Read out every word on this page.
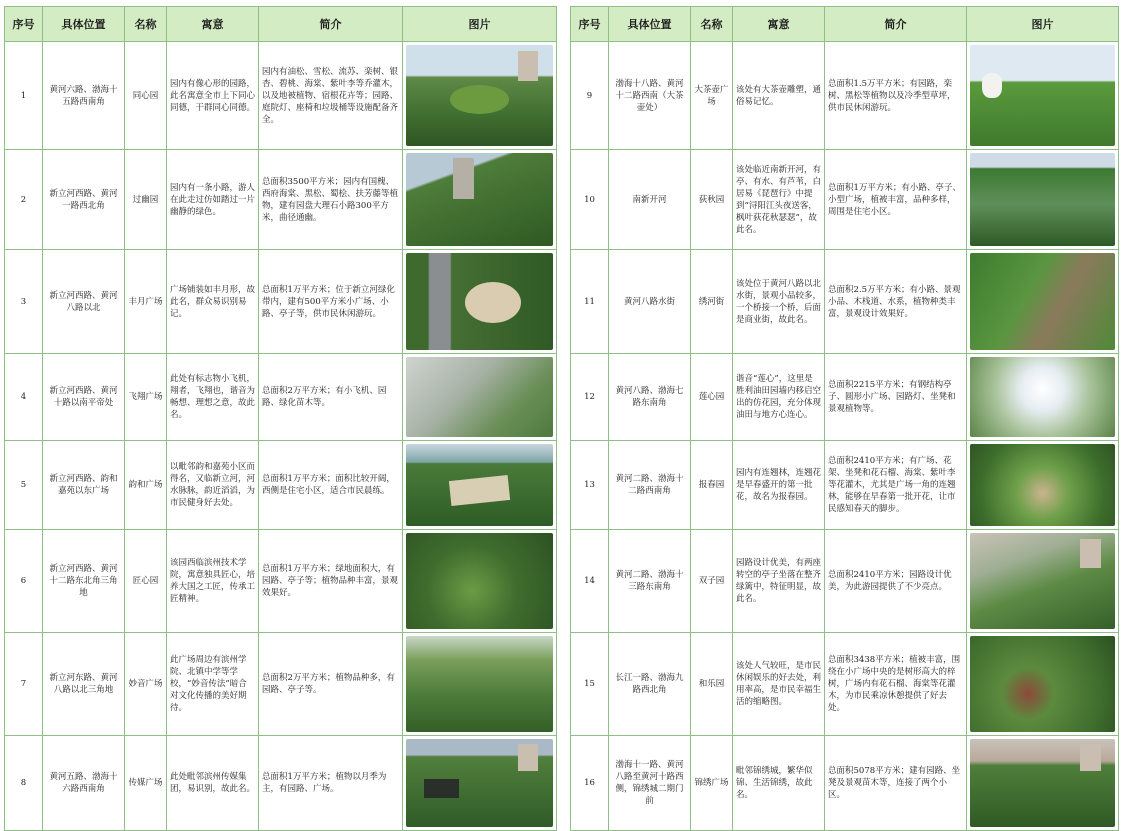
序号	具体位置	名称	寓意	简介	图片
1	黄河六路、渤海十五路西南角	同心园	园内有像心形的园路，此名寓意全市上下同心同德，干群同心同德。	园内有油松、雪松、流苏、栾树、银杏、碧桃、海棠、紫叶李等乔灌木，以及地被植物、宿根花卉等；园路、庭院灯、座椅和垃圾桶等设施配备齐全。	

2	新立河西路、黄河一路西北角	过幽园	园内有一条小路，游人在此走过仿如踏过一片幽静的绿色。	总面积3500平方米；园内有国槐、西府海棠、黑松、蜀桧、扶芳藤等植物，建有园盘大理石小路300平方米，曲径通幽。	

3	新立河西路、黄河八路以北	丰月广场	广场铺装如丰月形，故此名，群众易识别易记。	总面积1万平方米；位于新立河绿化带内，建有500平方米小广场、小路、亭子等，供市民休闲游玩。	

4	新立河西路、黄河十路以南平帝处	飞翔广场	此处有标志物小飞机，翔者，飞翔也，谐音为畅想、理想之意，故此名。	总面积2万平方米；有小飞机、园路、绿化苗木等。	

5	新立河西路、韵和嘉苑以东广场	韵和广场	以毗邻韵和嘉苑小区而得名，又临新立河，河水脉脉，韵近滔滔，为市民健身好去处。	总面积1万平方米；面积比较开阔，西侧是住宅小区，适合市民晨练。	

6	新立河西路、黄河十二路东北角三角地	匠心园	该园西临滨州技术学院，寓意独具匠心，培养大国之工匠，传承工匠精神。	总面积1万平方米；绿地面积大，有园路、亭子等；植物品种丰富，景观效果好。	

7	新立河东路、黄河八路以北三角地	妙音广场	此广场周边有滨州学院、北镇中学等学校，“妙音传法”暗合对文化传播的美好期待。	总面积2万平方米；植物品种多，有园路、亭子等。	

8	黄河五路、渤海十六路西南角	传媒广场	此处毗邻滨州传媒集团，易识别，故此名。	总面积1万平方米；植物以月季为主，有园路、广场。	
序号	具体位置	名称	寓意	简介	图片
9	渤海十八路、黄河十二路西南（大茶壶处）	大茶壶广场	该处有大茶壶雕塑，通俗易记忆。	总面积1.5万平方米；有园路，栾树、黑松等植物以及冷季型草坪，供市民休闲游玩。	

10	南新开河	荻秋园	该处临近南新开河，有亭、有水、有芦苇，白居易《琵琶行》中提到“浔阳江头夜送客，枫叶荻花秋瑟瑟”，故此名。	总面积1万平方米；有小路、亭子、小型广场，植被丰富，品种多样，周围是住宅小区。	

11	黄河八路水街	绣河街	该处位于黄河八路以北水街，景观小品较多，一个桥接一个桥，后面是商业街，故此名。	总面积2.5万平方米；有小路、景观小品、木栈道、水系，植物种类丰富，景观设计效果好。	

12	黄河八路、渤海七路东南角	莲心园	谐音“莲心”，这里是胜利油田园墙内移启空出的仿花园，充分体现油田与地方心连心。	总面积2215平方米；有钢结构亭子、圆形小广场、园路灯、坐凳和景观植物等。	

13	黄河二路、渤海十二路西南角	报春园	园内有连翘林，连翘花是早春盛开的第一批花，故名为报春园。	总面积2410平方米；有广场、花架、坐凳和花石榴、海棠、紫叶李等花灌木，尤其是广场一角的连翘林，能够在早春第一批开花，让市民感知春天的脚步。	

14	黄河二路、渤海十三路东南角	双子园	园路设计优美，有两座转空的亭子坐落在整齐绿篱中，特征明显，故此名。	总面积2410平方米；园路设计优美，为此游园提供了不少亮点。	

15	长江一路、渤海九路西北角	和乐园	该处人气较旺，是市民休闲娱乐的好去处，利用率高，是市民幸福生活的缩略图。	总面积3438平方米；植被丰富，围绕在小广场中央的是树形高大的梓树，广场内有花石榴、海棠等花灌木，为市民乘凉休憩提供了好去处。	

16	渤海十一路、黄河八路至黄河十路西侧，锦绣城二期门前	锦绣广场	毗邻锦绣城，繁华似锦、生活锦绣，故此名。	总面积5078平方米；建有园路、坐凳及景观苗木等，连接了两个小区。	
